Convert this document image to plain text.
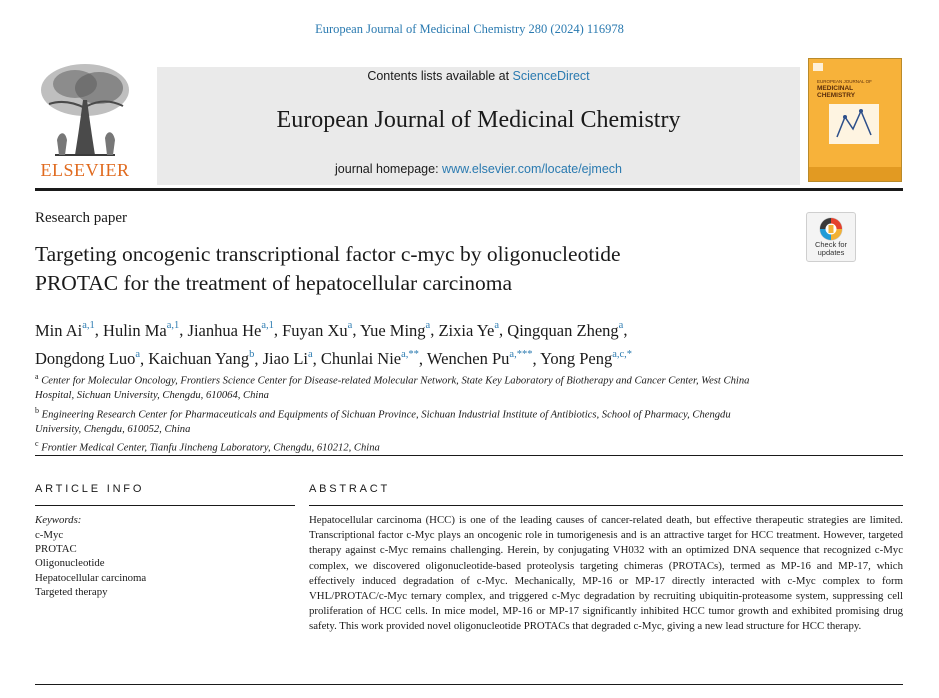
European Journal of Medicinal Chemistry 280 (2024) 116978
ELSEVIER
Contents lists available at ScienceDirect
European Journal of Medicinal Chemistry
journal homepage: www.elsevier.com/locate/ejmech
EUROPEAN JOURNAL OF MEDICINAL CHEMISTRY
Research paper
Check for updates
Targeting oncogenic transcriptional factor c-myc by oligonucleotide
PROTAC for the treatment of hepatocellular carcinoma
Min Ai$^{a,1}$, Hulin Ma$^{a,1}$, Jianhua He$^{a,1}$, Fuyan Xu$^a$, Yue Ming$^a$, Zixia Ye$^a$, Qingquan Zheng$^a$,
Dongdong Luo$^a$, Kaichuan Yang$^b$, Jiao Li$^a$, Chunlai Nie$^{a,**}$, Wenchen $Pu^{a,***}$, Yong Peng$^{a,c,*}$
$^a$ Center for Molecular Oncology, Frontiers Science Center for Disease-related Molecular Network, State Key Laboratory of Biotherapy and Cancer Center, West China
Hospital, Sichuan University, Chengdu, 610064, China
$^b$ Engineering Research Center for Pharmaceuticals and Equipments of Sichuan Province, Sichuan Industrial Institute of Antibiotics, School of Pharmacy, Chengdu
University, Chengdu, 610052, China
$^c$ Frontier Medical Center, Tianfu Jincheng Laboratory, Chengdu, 610212, China
ARTICLE INFO	ABSTRACT
Keywords:
c-Myc
PROTAC
Oligonucleotide
Hepatocellular carcinoma
Targeted therapy
Hepatocellular carcinoma (HCC) is one of the leading causes of cancer-related death, but effective therapeutic strategies are limited. Transcriptional factor c-Myc plays an oncogenic role in tumorigenesis and is an attractive target for HCC treatment. However, targeted therapy against c-Myc remains challenging. Herein, by conjugating VH032 with an optimized DNA sequence that recognized c-Myc complex, we discovered oligonucleotide-based proteolysis targeting chimeras (PROTACs), termed as MP-16 and MP-17, which effectively induced degradation of c-Myc. Mechanically, MP-16 or MP-17 directly interacted with c-Myc complex to form VHL/PROTAC/c-Myc ternary complex, and triggered c-Myc degradation by recruiting ubiquitin-proteasome system, suppressing cell proliferation of HCC cells. In mice model, MP-16 or MP-17 significantly inhibited HCC tumor growth and exhibited promising drug safety. This work provided novel oligonucleotide PROTACs that degraded c-Myc, giving a new lead structure for HCC therapy.
